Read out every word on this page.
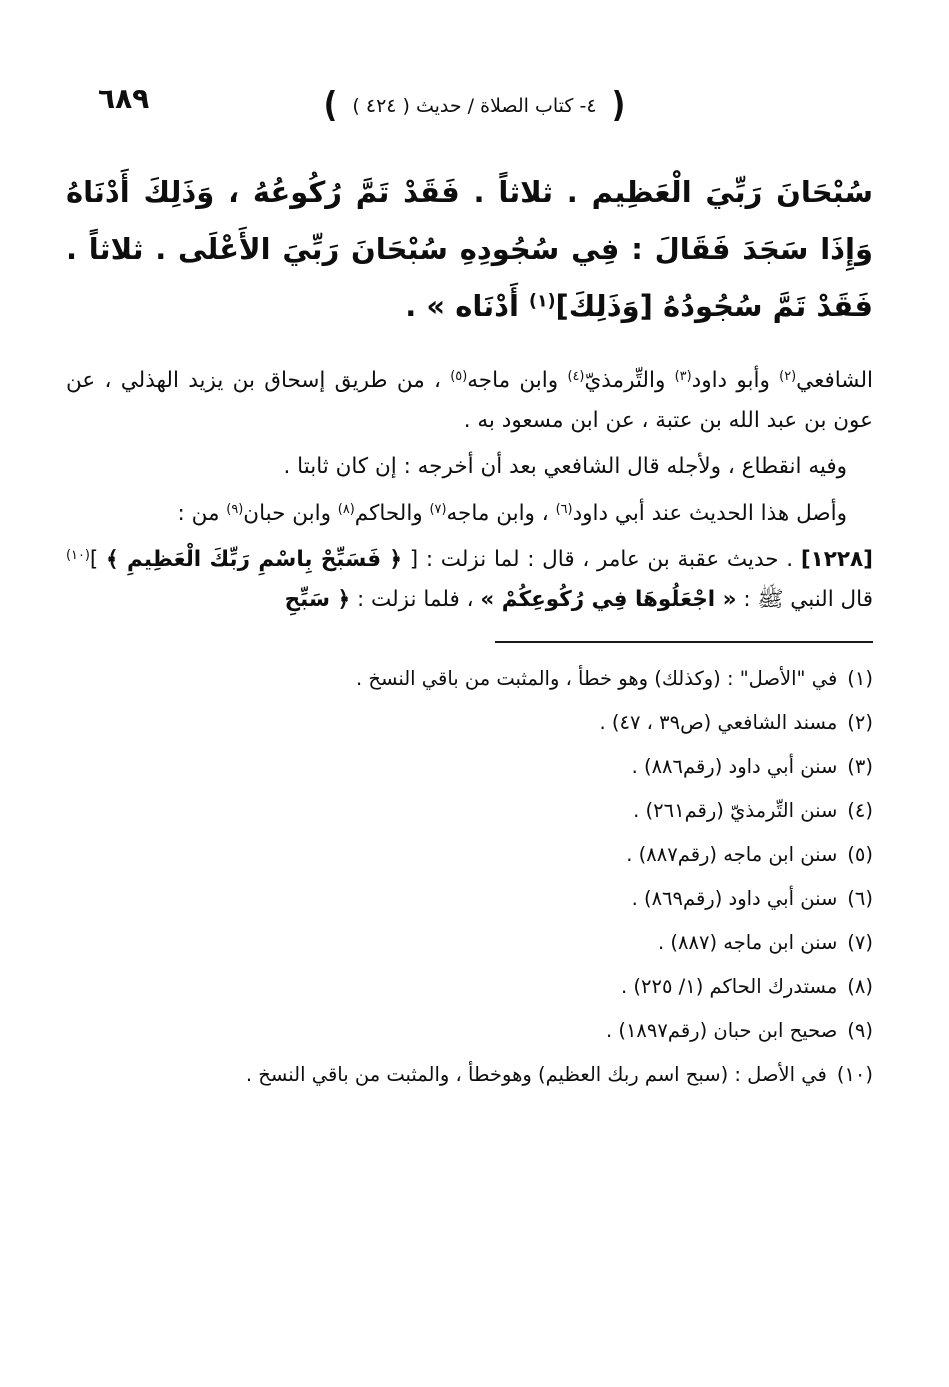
٦٨٩	( ٤- كتاب الصلاة / حديث ( ٤٢٤ ) )

سُبْحَانَ رَبِّيَ الْعَظِيم . ثلاثاً . فَقَدْ تَمَّ رُكُوعُهُ ، وَذَلِكَ أَدْنَاهُ وَإِذَا سَجَدَ فَقَالَ : فِي سُجُودِهِ سُبْحَانَ رَبِّيَ الأَعْلَى . ثلاثاً . فَقَدْ تَمَّ سُجُودُهُ [وَذَلِكَ]$^{(١)}$ أَدْنَاه » .

الشافعي$^{(٢)}$ وأبو داود$^{(٣)}$ والتِّرمذيّ$^{(٤)}$ وابن ماجه$^{(٥)}$ ، من طريق إسحاق بن يزيد الهذلي ، عن عون بن عبد الله بن عتبة ، عن ابن مسعود به .

وفيه انقطاع ، ولأجله قال الشافعي بعد أن أخرجه : إن كان ثابتا .

وأصل هذا الحديث عند أبي داود$^{(٦)}$ ، وابن ماجه$^{(٧)}$ والحاكم$^{(٨)}$ وابن حبان$^{(٩)}$ من :

[١٢٢٨] . حديث عقبة بن عامر ، قال : لما نزلت : [ ﴿ فَسَبِّحْ بِاسْمِ رَبِّكَ الْعَظِيمِ ﴾ ]$^{(١٠)}$ قال النبي ﷺ : « اجْعَلُوهَا فِي رُكُوعِكُمْ » ، فلما نزلت : ﴿ سَبِّحِ

(١)في "الأصل" : (وكذلك) وهو خطأ ، والمثبت من باقي النسخ .
(٢)مسند الشافعي (ص٣٩ ، ٤٧) .
(٣)سنن أبي داود (رقم٨٨٦) .
(٤)سنن التِّرمذيّ (رقم٢٦١) .
(٥)سنن ابن ماجه (رقم٨٨٧) .
(٦)سنن أبي داود (رقم٨٦٩) .
(٧)سنن ابن ماجه (٨٨٧) .
(٨)مستدرك الحاكم (١/ ٢٢٥) .
(٩)صحيح ابن حبان (رقم١٨٩٧) .
(١٠)في الأصل : (سبح اسم ربك العظيم) وهوخطأ ، والمثبت من باقي النسخ .
